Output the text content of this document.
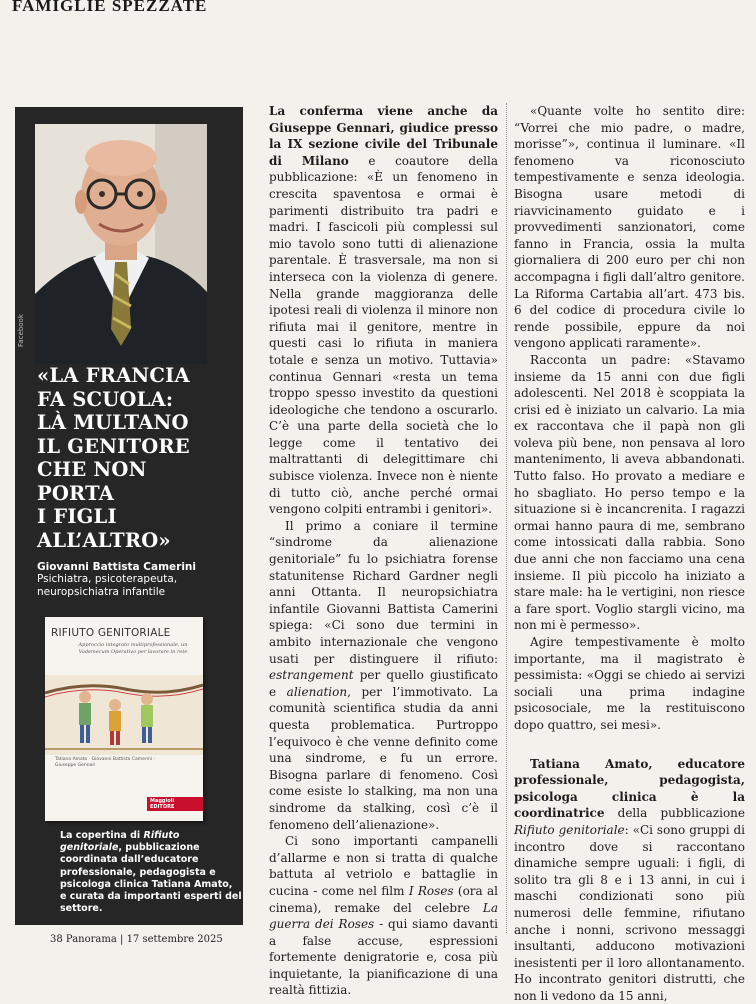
FAMIGLIE SPEZZATE
Facebook
«LA FRANCIA
FA SCUOLA:
LÀ MULTANO
IL GENITORE
CHE NON
PORTA
I FIGLI
ALL’ALTRO»
Giovanni Battista Camerini
Psichiatra, psicoterapeuta, neuropsichiatra infantile
RIFIUTO GENITORIALE
Approccio integrato multiprofessionale, un Vademecum Operativo per lavorare in rete
Tatiana Amato · Giovanni Battista Camerini · Giuseppe Gennari
Maggioli EDITORE

La copertina di Rifiuto genitoriale, pubblicazione coordinata dall’educatore professionale, pedagogista e psicologa clinica Tatiana Amato, e curata da importanti esperti del settore.

La conferma viene anche da Giuseppe Gennari, giudice presso la IX sezione civile del Tribunale di Milano e coautore della pubblicazione: «È un fenomeno in crescita spaventosa e ormai è parimenti distribuito tra padri e madri. I fascicoli più complessi sul mio tavolo sono tutti di alienazione parentale. È trasversale, ma non si interseca con la violenza di genere. Nella grande maggioranza delle ipotesi reali di violenza il minore non rifiuta mai il genitore, mentre in questi casi lo rifiuta in maniera totale e senza un motivo. Tuttavia» continua Gennari «resta un tema troppo spesso investito da questioni ideologiche che tendono a oscurarlo. C’è una parte della società che lo legge come il tentativo dei maltrattanti di delegittimare chi subisce violenza. Invece non è niente di tutto ciò, anche perché ormai vengono colpiti entrambi i genitori».

Il primo a coniare il termine “sindrome da alienazione genitoriale” fu lo psichiatra forense statunitense Richard Gardner negli anni Ottanta. Il neuropsichiatra infantile Giovanni Battista Camerini spiega: «Ci sono due termini in ambito internazionale che vengono usati per distinguere il rifiuto: estrangement per quello giustificato e alienation, per l’immotivato. La comunità scientifica studia da anni questa problematica. Purtroppo l’equivoco è che venne definito come una sindrome, e fu un errore. Bisogna parlare di fenomeno. Così come esiste lo stalking, ma non una sindrome da stalking, così c’è il fenomeno dell’alienazione».

Ci sono importanti campanelli d’allarme e non si tratta di qualche battuta al vetriolo e battaglie in cucina - come nel film I Roses (ora al cinema), remake del celebre La guerra dei Roses - qui siamo davanti a false accuse, espressioni fortemente denigratorie e, cosa più inquietante, la pianificazione di una realtà fittizia.

«Quante volte ho sentito dire: “Vorrei che mio padre, o madre, morisse”», continua il luminare. «Il fenomeno va riconosciuto tempestivamente e senza ideologia. Bisogna usare metodi di riavvicinamento guidato e i provvedimenti sanzionatori, come fanno in Francia, ossia la multa giornaliera di 200 euro per chi non accompagna i figli dall’altro genitore. La Riforma Cartabia all’art. 473 bis. 6 del codice di procedura civile lo rende possibile, eppure da noi vengono applicati raramente».

Racconta un padre: «Stavamo insieme da 15 anni con due figli adolescenti. Nel 2018 è scoppiata la crisi ed è iniziato un calvario. La mia ex raccontava che il papà non gli voleva più bene, non pensava al loro mantenimento, li aveva abbandonati. Tutto falso. Ho provato a mediare e ho sbagliato. Ho perso tempo e la situazione si è incancrenita. I ragazzi ormai hanno paura di me, sembrano come intossicati dalla rabbia. Sono due anni che non facciamo una cena insieme. Il più piccolo ha iniziato a stare male: ha le vertigini, non riesce a fare sport. Voglio stargli vicino, ma non mi è permesso».

Agire tempestivamente è molto importante, ma il magistrato è pessimista: «Oggi se chiedo ai servizi sociali una prima indagine psicosociale, me la restituiscono dopo quattro, sei mesi».

Tatiana Amato, educatore professionale, pedagogista, psicologa clinica è la coordinatrice della pubblicazione Rifiuto genitoriale: «Ci sono gruppi di incontro dove si raccontano dinamiche sempre uguali: i figli, di solito tra gli 8 e i 13 anni, in cui i maschi condizionati sono più numerosi delle femmine, rifiutano anche i nonni, scrivono messaggi insultanti, adducono motivazioni inesistenti per il loro allontanamento. Ho incontrato genitori distrutti, che non li vedono da 15 anni,

38 Panorama | 17 settembre 2025
